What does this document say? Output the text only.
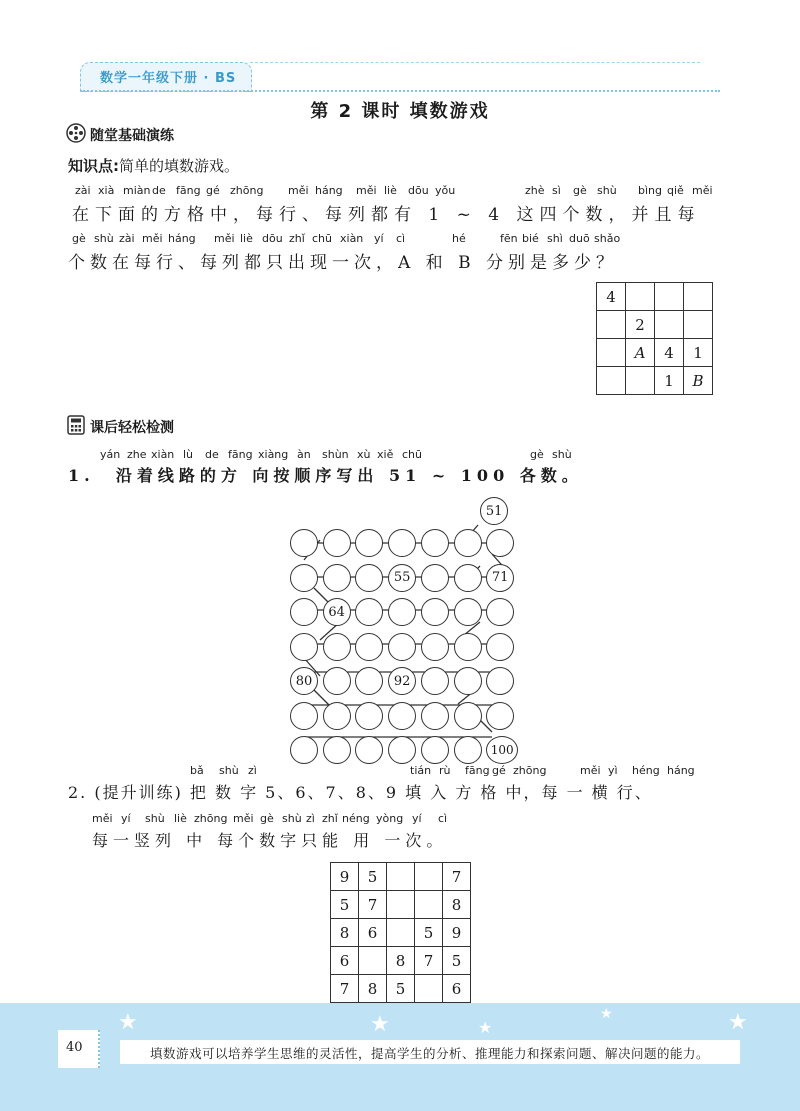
数学一年级下册 · BS
第 2 课时 填数游戏
随堂基础演练
知识点:简单的填数游戏。
zài xià miàn de fāng gé zhōng měi háng měi liè dōu yǒu	zhè sì gè shù bìng qiě měi
在下面的方格中，每行、每列都有 1 ~ 4 这四个数，并且每
gè shù zài měi háng měi liè dōu zhǐ chū xiàn yí cì	hé	fēn bié shì duō shǎo
个数在每行、每列都只出现一次，A 和 B 分别是多少？
4			
	2		
	A	4	1
		1	B
课后轻松检测
yán zhe xiàn lù de fāng xiàng àn shùn xù xiě chū	gè shù
1.  沿着线路的方 向按顺序写出 51 ~ 100 各数。
51
55	71
64
80	92
100
bǎ shù zì	tián rù fāng gé zhōng	měi yì héng háng
2. (提升训练) 把 数 字 5、6、7、8、9 填 入 方 格 中，每 一 横 行、
měi yí shù liè zhōng měi gè shù zì zhǐ néng yòng yí cì
每一竖列 中 每个数字只能 用 一次。
9	5			7
5	7			8
8	6		5	9
6		8	7	5
7	8	5		6
★	★	★	★
★
40	填数游戏可以培养学生思维的灵活性，提高学生的分析、推理能力和探索问题、解决问题的能力。
